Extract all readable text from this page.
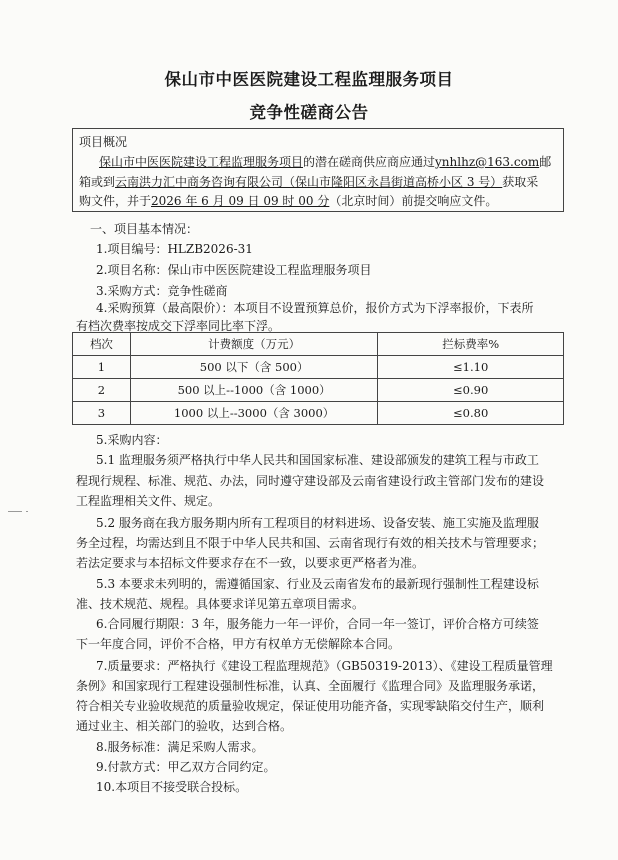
保山市中医医院建设工程监理服务项目
竞争性磋商公告
项目概况
保山市中医医院建设工程监理服务项目的潜在磋商供应商应通过ynhlhz@163.com邮
箱或到云南洪力汇中商务咨询有限公司（保山市隆阳区永昌街道高桥小区 3 号）获取采
购文件，并于2026 年 6 月 09 日 09 时 00 分（北京时间）前提交响应文件。
一、项目基本情况：
1.项目编号：HLZB2026-31
2.项目名称：保山市中医医院建设工程监理服务项目
3.采购方式：竞争性磋商
4.采购预算（最高限价）：本项目不设置预算总价，报价方式为下浮率报价，下表所
有档次费率按成交下浮率同比率下浮。
档次	计费额度（万元）	拦标费率%
1	500 以下（含 500）	≤1.10
2	500 以上--1000（含 1000）	≤0.90
3	1000 以上--3000（含 3000）	≤0.80
5.采购内容：
5.1 监理服务须严格执行中华人民共和国国家标准、建设部颁发的建筑工程与市政工
程现行规程、标准、规范、办法，同时遵守建设部及云南省建设行政主管部门发布的建设
工程监理相关文件、规定。
5.2 服务商在我方服务期内所有工程项目的材料进场、设备安装、施工实施及监理服
务全过程，均需达到且不限于中华人民共和国、云南省现行有效的相关技术与管理要求；
若法定要求与本招标文件要求存在不一致，以要求更严格者为准。
5.3 本要求未列明的，需遵循国家、行业及云南省发布的最新现行强制性工程建设标
准、技术规范、规程。具体要求详见第五章项目需求。
6.合同履行期限：3 年，服务能力一年一评价，合同一年一签订，评价合格方可续签
下一年度合同，评价不合格，甲方有权单方无偿解除本合同。
7.质量要求：严格执行《建设工程监理规范》（GB50319-2013）、《建设工程质量管理
条例》和国家现行工程建设强制性标准，认真、全面履行《监理合同》及监理服务承诺，
符合相关专业验收规范的质量验收规定，保证使用功能齐备，实现零缺陷交付生产，顺利
通过业主、相关部门的验收，达到合格。
8.服务标准：满足采购人需求。
9.付款方式：甲乙双方合同约定。
10.本项目不接受联合投标。
